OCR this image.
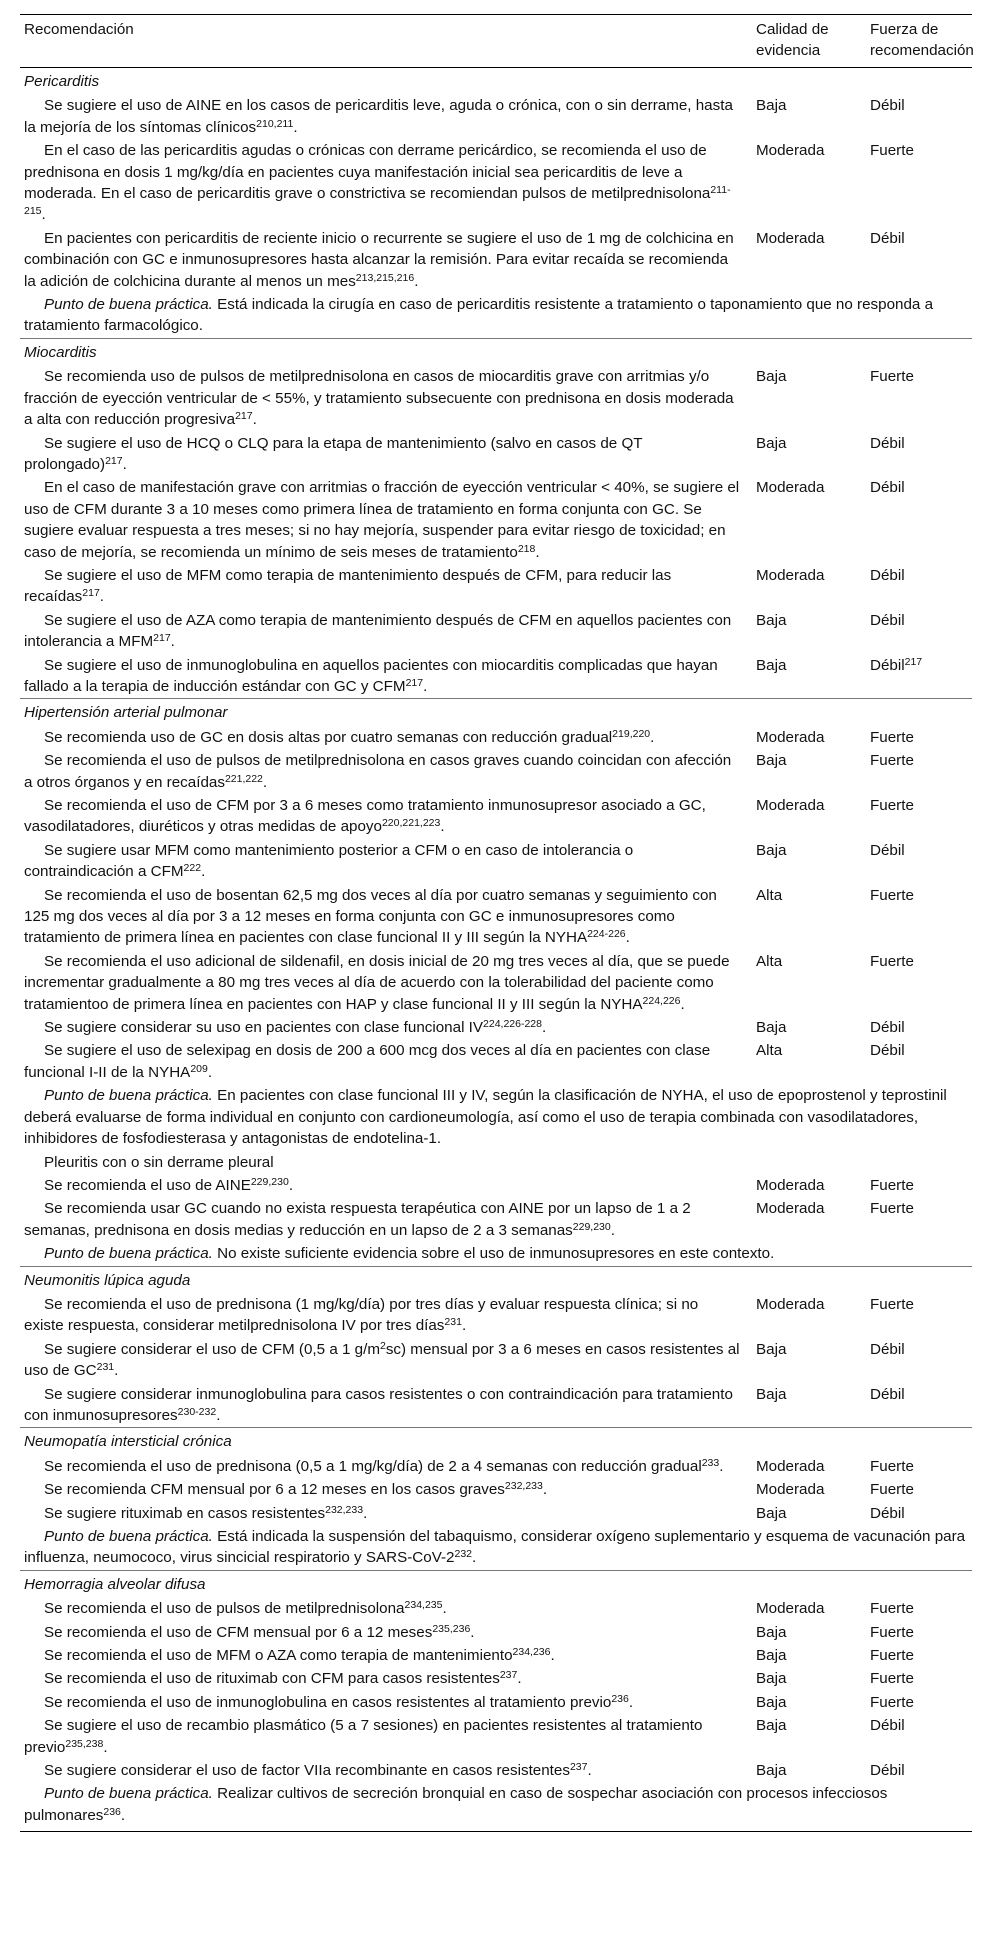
Recomendación	Calidad de evidencia	Fuerza de recomendación
Pericarditis		
Se sugiere el uso de AINE en los casos de pericarditis leve, aguda o crónica, con o sin derrame, hasta la mejoría de los síntomas clínicos$^{210,211}$.	Baja	Débil
En el caso de las pericarditis agudas o crónicas con derrame pericárdico, se recomienda el uso de prednisona en dosis 1 mg/kg/día en pacientes cuya manifestación inicial sea pericarditis de leve a moderada. En el caso de pericarditis grave o constrictiva se recomiendan pulsos de metilprednisolona$^{211-215}$.	Moderada	Fuerte
En pacientes con pericarditis de reciente inicio o recurrente se sugiere el uso de 1 mg de colchicina en combinación con GC e inmunosupresores hasta alcanzar la remisión. Para evitar recaída se recomienda la adición de colchicina durante al menos un mes$^{213,215,216}$.	Moderada	Débil
Punto de buena práctica. Está indicada la cirugía en caso de pericarditis resistente a tratamiento o taponamiento que no responda a tratamiento farmacológico.		
Miocarditis		
Se recomienda uso de pulsos de metilprednisolona en casos de miocarditis grave con arritmias y/o fracción de eyección ventricular de < 55%, y tratamiento subsecuente con prednisona en dosis moderada a alta con reducción progresiva$^{217}$.	Baja	Fuerte
Se sugiere el uso de HCQ o CLQ para la etapa de mantenimiento (salvo en casos de QT prolongado)$^{217}$.	Baja	Débil
En el caso de manifestación grave con arritmias o fracción de eyección ventricular < 40%, se sugiere el uso de CFM durante 3 a 10 meses como primera línea de tratamiento en forma conjunta con GC. Se sugiere evaluar respuesta a tres meses; si no hay mejoría, suspender para evitar riesgo de toxicidad; en caso de mejoría, se recomienda un mínimo de seis meses de tratamiento$^{218}$.	Moderada	Débil
Se sugiere el uso de MFM como terapia de mantenimiento después de CFM, para reducir las recaídas$^{217}$.	Moderada	Débil
Se sugiere el uso de AZA como terapia de mantenimiento después de CFM en aquellos pacientes con intolerancia a MFM$^{217}$.	Baja	Débil
Se sugiere el uso de inmunoglobulina en aquellos pacientes con miocarditis complicadas que hayan fallado a la terapia de inducción estándar con GC y CFM$^{217}$.	Baja	Débil$^{217}$
Hipertensión arterial pulmonar		
Se recomienda uso de GC en dosis altas por cuatro semanas con reducción gradual$^{219,220}$.	Moderada	Fuerte
Se recomienda el uso de pulsos de metilprednisolona en casos graves cuando coincidan con afección a otros órganos y en recaídas$^{221,222}$.	Baja	Fuerte
Se recomienda el uso de CFM por 3 a 6 meses como tratamiento inmunosupresor asociado a GC, vasodilatadores, diuréticos y otras medidas de apoyo$^{220,221,223}$.	Moderada	Fuerte
Se sugiere usar MFM como mantenimiento posterior a CFM o en caso de intolerancia o contraindicación a CFM$^{222}$.	Baja	Débil
Se recomienda el uso de bosentan 62,5 mg dos veces al día por cuatro semanas y seguimiento con 125 mg dos veces al día por 3 a 12 meses en forma conjunta con GC e inmunosupresores como tratamiento de primera línea en pacientes con clase funcional II y III según la NYHA$^{224-226}$.	Alta	Fuerte
Se recomienda el uso adicional de sildenafil, en dosis inicial de 20 mg tres veces al día, que se puede incrementar gradualmente a 80 mg tres veces al día de acuerdo con la tolerabilidad del paciente como tratamientoo de primera línea en pacientes con HAP y clase funcional II y III según la NYHA$^{224,226}$.	Alta	Fuerte
Se sugiere considerar su uso en pacientes con clase funcional IV$^{224,226-228}$.	Baja	Débil
Se sugiere el uso de selexipag en dosis de 200 a 600 mcg dos veces al día en pacientes con clase funcional I-II de la NYHA$^{209}$.	Alta	Débil
Punto de buena práctica. En pacientes con clase funcional III y IV, según la clasificación de NYHA, el uso de epoprostenol y teprostinil deberá evaluarse de forma individual en conjunto con cardioneumología, así como el uso de terapia combinada con vasodilatadores, inhibidores de fosfodiesterasa y antagonistas de endotelina-1.		
Pleuritis con o sin derrame pleural		
Se recomienda el uso de AINE$^{229,230}$.	Moderada	Fuerte
Se recomienda usar GC cuando no exista respuesta terapéutica con AINE por un lapso de 1 a 2 semanas, prednisona en dosis medias y reducción en un lapso de 2 a 3 semanas$^{229,230}$.	Moderada	Fuerte
Punto de buena práctica. No existe suficiente evidencia sobre el uso de inmunosupresores en este contexto.		
Neumonitis lúpica aguda		
Se recomienda el uso de prednisona (1 mg/kg/día) por tres días y evaluar respuesta clínica; si no existe respuesta, considerar metilprednisolona IV por tres días$^{231}$.	Moderada	Fuerte
Se sugiere considerar el uso de CFM (0,5 a 1 $g/m^2sc$) mensual por 3 a 6 meses en casos resistentes al uso de GC$^{231}$.	Baja	Débil
Se sugiere considerar inmunoglobulina para casos resistentes o con contraindicación para tratamiento con inmunosupresores$^{230-232}$.	Baja	Débil
Neumopatía intersticial crónica		
Se recomienda el uso de prednisona (0,5 a 1 mg/kg/día) de 2 a 4 semanas con reducción gradual$^{233}$.	Moderada	Fuerte
Se recomienda CFM mensual por 6 a 12 meses en los casos graves$^{232,233}$.	Moderada	Fuerte
Se sugiere rituximab en casos resistentes$^{232,233}$.	Baja	Débil
Punto de buena práctica. Está indicada la suspensión del tabaquismo, considerar oxígeno suplementario y esquema de vacunación para influenza, neumococo, virus sincicial respiratorio y SARS-$CoV-2^{232}$.		
Hemorragia alveolar difusa		
Se recomienda el uso de pulsos de metilprednisolona$^{234,235}$.	Moderada	Fuerte
Se recomienda el uso de CFM mensual por 6 a 12 meses$^{235,236}$.	Baja	Fuerte
Se recomienda el uso de MFM o AZA como terapia de mantenimiento$^{234,236}$.	Baja	Fuerte
Se recomienda el uso de rituximab con CFM para casos resistentes$^{237}$.	Baja	Fuerte
Se recomienda el uso de inmunoglobulina en casos resistentes al tratamiento previo$^{236}$.	Baja	Fuerte
Se sugiere el uso de recambio plasmático (5 a 7 sesiones) en pacientes resistentes al tratamiento previo$^{235,238}$.	Baja	Débil
Se sugiere considerar el uso de factor VIIa recombinante en casos resistentes$^{237}$.	Baja	Débil
Punto de buena práctica. Realizar cultivos de secreción bronquial en caso de sospechar asociación con procesos infecciosos pulmonares$^{236}$.		
